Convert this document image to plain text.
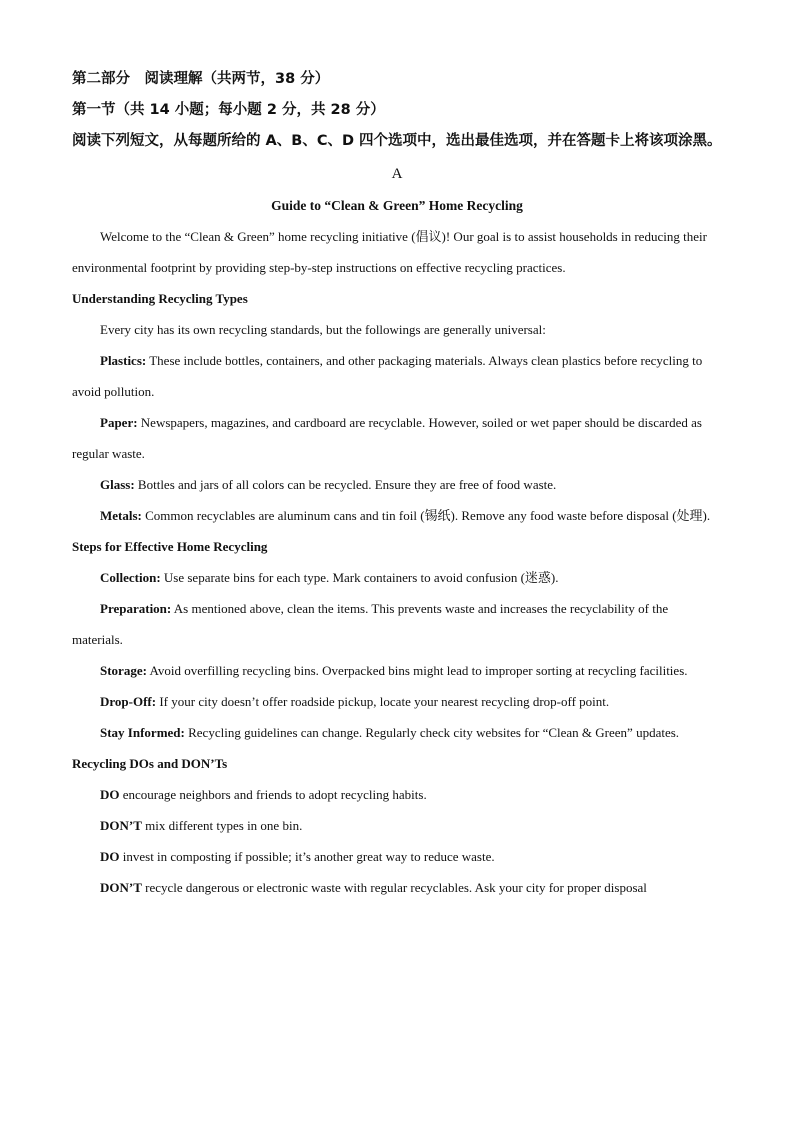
第二部分　阅读理解（共两节，38 分）

第一节（共 14 小题；每小题 2 分，共 28 分）

阅读下列短文，从每题所给的 A、B、C、D 四个选项中，选出最佳选项，并在答题卡上将该项涂黑。

A

Guide to “Clean & Green” Home Recycling

Welcome to the “Clean & Green” home recycling initiative (倡议)! Our goal is to assist households in reducing their environmental footprint by providing step-by-step instructions on effective recycling practices.

Understanding Recycling Types

Every city has its own recycling standards, but the followings are generally universal:

Plastics: These include bottles, containers, and other packaging materials. Always clean plastics before recycling to avoid pollution.

Paper: Newspapers, magazines, and cardboard are recyclable. However, soiled or wet paper should be discarded as regular waste.

Glass: Bottles and jars of all colors can be recycled. Ensure they are free of food waste.

Metals: Common recyclables are aluminum cans and tin foil (锡纸). Remove any food waste before disposal (处理).

Steps for Effective Home Recycling

Collection: Use separate bins for each type. Mark containers to avoid confusion (迷惑).

Preparation: As mentioned above, clean the items. This prevents waste and increases the recyclability of the materials.

Storage: Avoid overfilling recycling bins. Overpacked bins might lead to improper sorting at recycling facilities.

Drop-Off: If your city doesn’t offer roadside pickup, locate your nearest recycling drop-off point.

Stay Informed: Recycling guidelines can change. Regularly check city websites for “Clean & Green” updates.

Recycling DOs and DON’Ts

DO encourage neighbors and friends to adopt recycling habits.

DON’T mix different types in one bin.

DO invest in composting if possible; it’s another great way to reduce waste.

DON’T recycle dangerous or electronic waste with regular recyclables. Ask your city for proper disposal
